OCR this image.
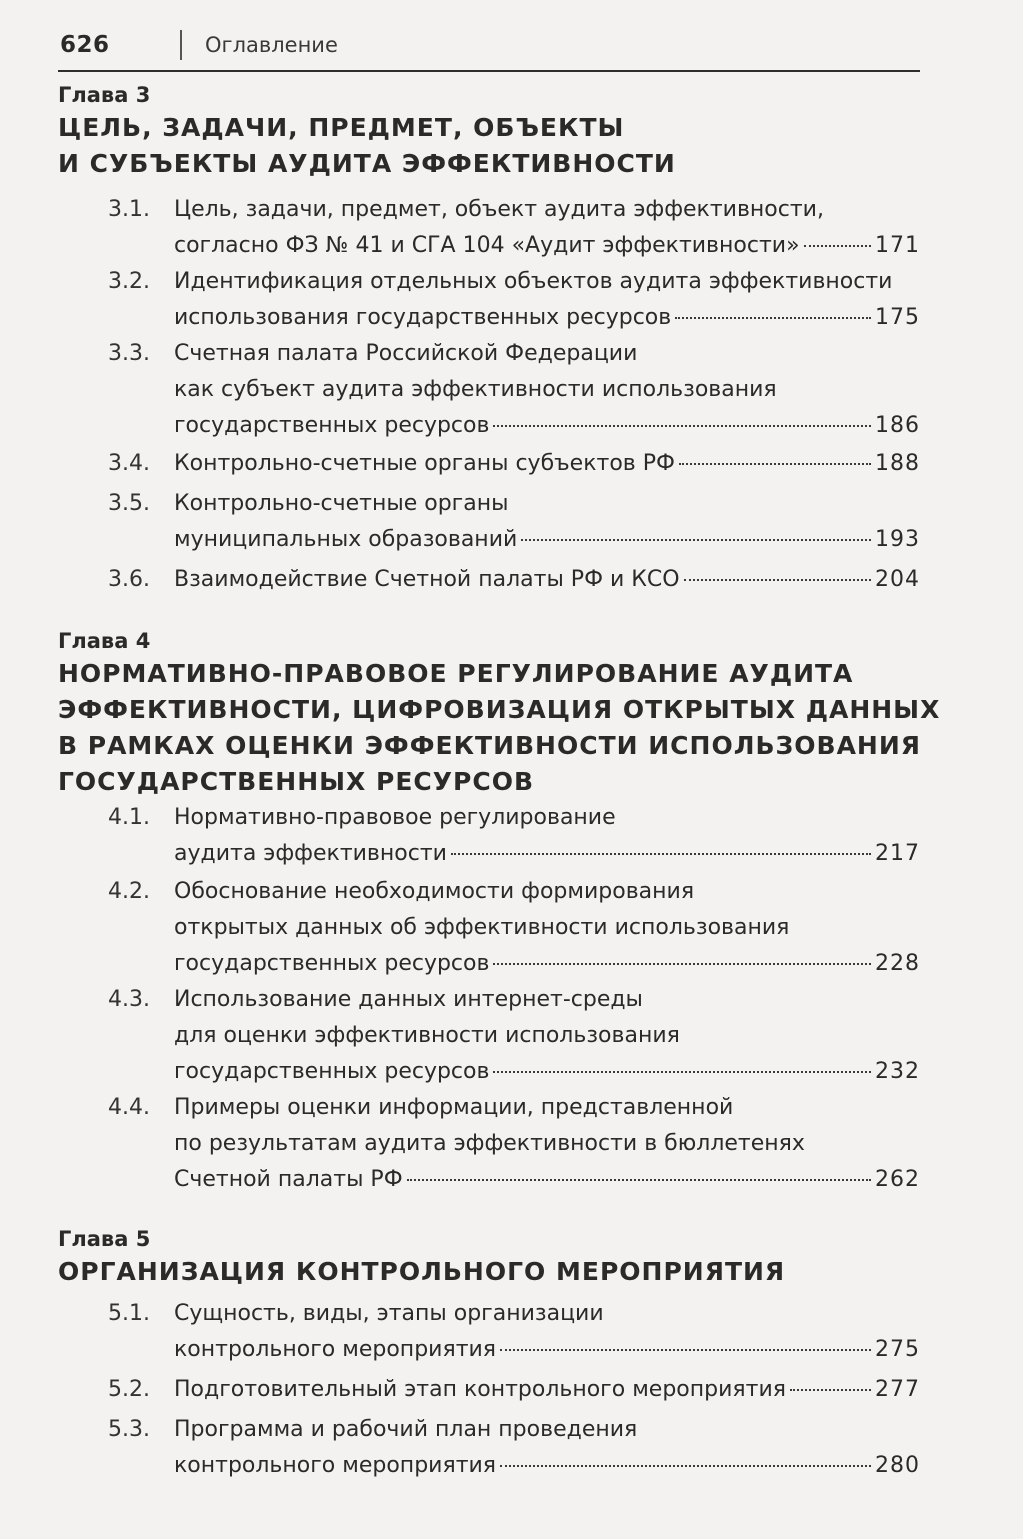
626	Оглавление
Глава 3
ЦЕЛЬ, ЗАДАЧИ, ПРЕДМЕТ, ОБЪЕКТЫ
И СУБЪЕКТЫ АУДИТА ЭФФЕКТИВНОСТИ
3.1. Цель, задачи, предмет, объект аудита эффективности,
согласно ФЗ № 41 и СГА 104 «Аудит эффективности»	171
3.2. Идентификация отдельных объектов аудита эффективности
использования государственных ресурсов	175
3.3. Счетная палата Российской Федерации
как субъект аудита эффективности использования
государственных ресурсов	186
3.4. Контрольно-счетные органы субъектов РФ	188
3.5. Контрольно-счетные органы
муниципальных образований	193
3.6. Взаимодействие Счетной палаты РФ и КСО	204
Глава 4
НОРМАТИВНО-ПРАВОВОЕ РЕГУЛИРОВАНИЕ АУДИТА
ЭФФЕКТИВНОСТИ, ЦИФРОВИЗАЦИЯ ОТКРЫТЫХ ДАННЫХ
В РАМКАХ ОЦЕНКИ ЭФФЕКТИВНОСТИ ИСПОЛЬЗОВАНИЯ
ГОСУДАРСТВЕННЫХ РЕСУРСОВ
4.1. Нормативно-правовое регулирование
аудита эффективности	217
4.2. Обоснование необходимости формирования
открытых данных об эффективности использования
государственных ресурсов	228
4.3. Использование данных интернет-среды
для оценки эффективности использования
государственных ресурсов	232
4.4. Примеры оценки информации, представленной
по результатам аудита эффективности в бюллетенях
Счетной палаты РФ	262
Глава 5
ОРГАНИЗАЦИЯ КОНТРОЛЬНОГО МЕРОПРИЯТИЯ
5.1. Сущность, виды, этапы организации
контрольного мероприятия	275
5.2. Подготовительный этап контрольного мероприятия	277
5.3. Программа и рабочий план проведения
контрольного мероприятия	280
